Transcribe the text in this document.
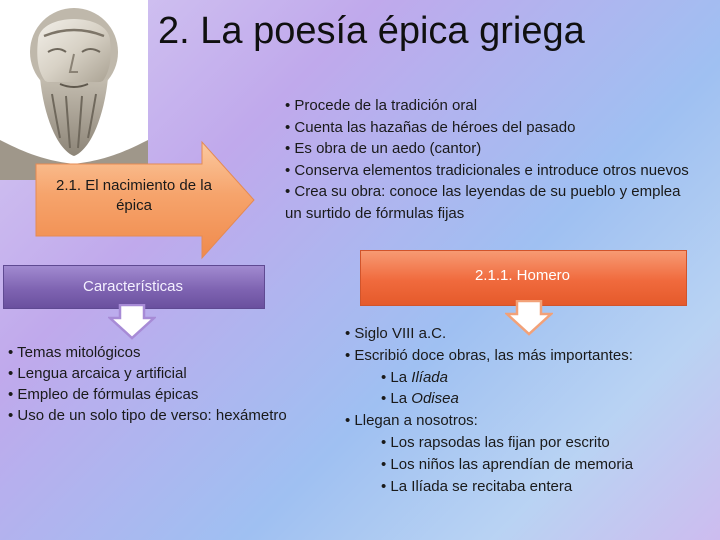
2. La poesía épica griega
2.1. El nacimiento de la épica
• Procede de la tradición oral
• Cuenta las hazañas de héroes del pasado
• Es obra de un aedo (cantor)
• Conserva elementos tradicionales e introduce otros nuevos
• Crea su obra: conoce las leyendas de su pueblo y emplea un surtido de fórmulas fijas
Características
• Temas mitológicos
• Lengua arcaica y artificial
• Empleo de fórmulas épicas
• Uso de un solo tipo de verso: hexámetro
2.1.1. Homero
• Siglo VIII a.C.
• Escribió doce obras, las más importantes:
• La Ilíada
• La Odisea
• Llegan a nosotros:
• Los rapsodas las fijan por escrito
• Los niños las aprendían de memoria
• La Ilíada se recitaba entera
